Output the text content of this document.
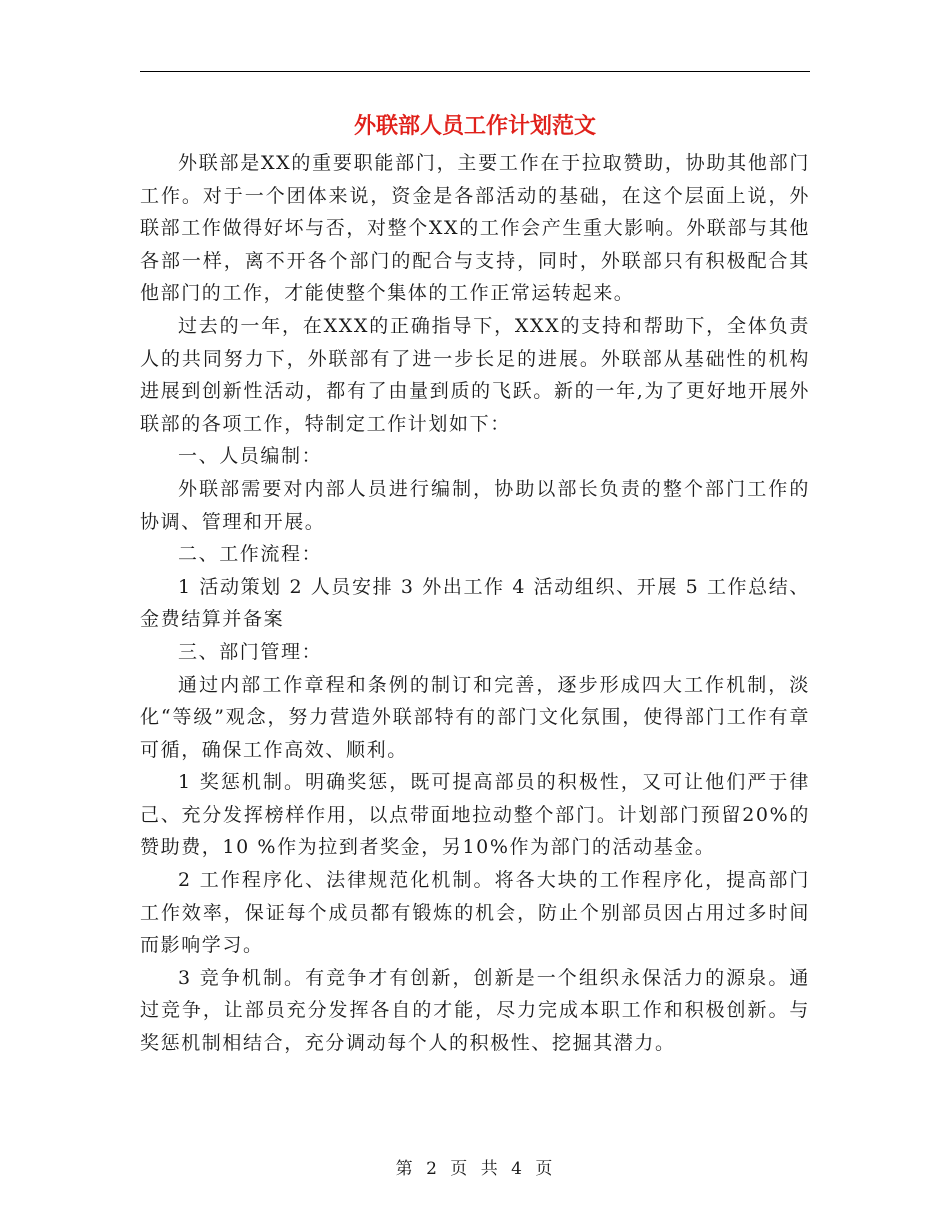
外联部人员工作计划范文

外联部是XX的重要职能部门，主要工作在于拉取赞助，协助其他部门工作。对于一个团体来说，资金是各部活动的基础，在这个层面上说，外联部工作做得好坏与否，对整个XX的工作会产生重大影响。外联部与其他各部一样，离不开各个部门的配合与支持，同时，外联部只有积极配合其他部门的工作，才能使整个集体的工作正常运转起来。

过去的一年，在XXX的正确指导下，XXX的支持和帮助下，全体负责人的共同努力下，外联部有了进一步长足的进展。外联部从基础性的机构进展到创新性活动，都有了由量到质的飞跃。新的一年,为了更好地开展外联部的各项工作，特制定工作计划如下：

一、人员编制：

外联部需要对内部人员进行编制，协助以部长负责的整个部门工作的协调、管理和开展。

二、工作流程：

1 活动策划 2 人员安排 3 外出工作 4 活动组织、开展 5 工作总结、金费结算并备案

三、部门管理：

通过内部工作章程和条例的制订和完善，逐步形成四大工作机制，淡化“等级”观念，努力营造外联部特有的部门文化氛围，使得部门工作有章可循，确保工作高效、顺利。

1 奖惩机制。明确奖惩，既可提高部员的积极性，又可让他们严于律己、充分发挥榜样作用，以点带面地拉动整个部门。计划部门预留20%的赞助费，10 %作为拉到者奖金，另10%作为部门的活动基金。

2 工作程序化、法律规范化机制。将各大块的工作程序化，提高部门工作效率，保证每个成员都有锻炼的机会，防止个别部员因占用过多时间而影响学习。

3 竞争机制。有竞争才有创新，创新是一个组织永保活力的源泉。通过竞争，让部员充分发挥各自的才能，尽力完成本职工作和积极创新。与奖惩机制相结合，充分调动每个人的积极性、挖掘其潜力。

第 2 页 共 4 页
